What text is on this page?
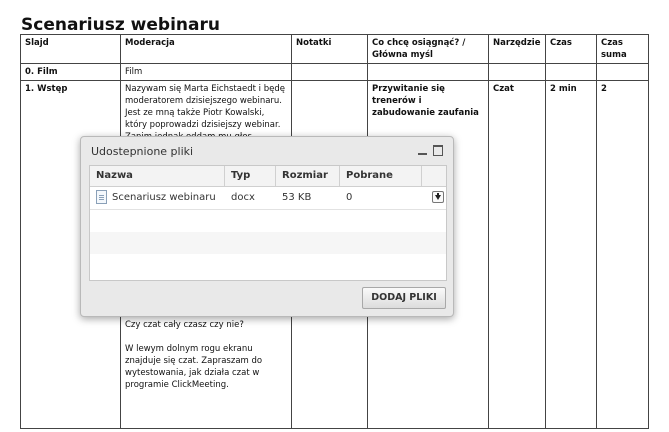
Scenariusz webinaru
Slajd	Moderacja	Notatki	Co chcę osiągnąć? / Główna myśl	Narzędzie	Czas	Czas suma
0. Film	Film					
1. Wstęp	Nazywam się Marta Eichstaedt i będę moderatorem dzisiejszego webinaru. Jest ze mną także Piotr Kowalski, który poprowadzi dzisiejszy webinar.

Czy czat cały czasz czy nie?

W lewym dolnym rogu ekranu znajduje się czat. Zapraszam do wytestowania, jak działa czat w programie ClickMeeting.		Przywitanie się trenerów i zabudowanie zaufania	Czat	2 min	2
Udostepnione pliki
Nazwa	Typ	Rozmiar	Pobrane
Scenariusz webinaru	docx	53 KB	0
DODAJ PLIKI
